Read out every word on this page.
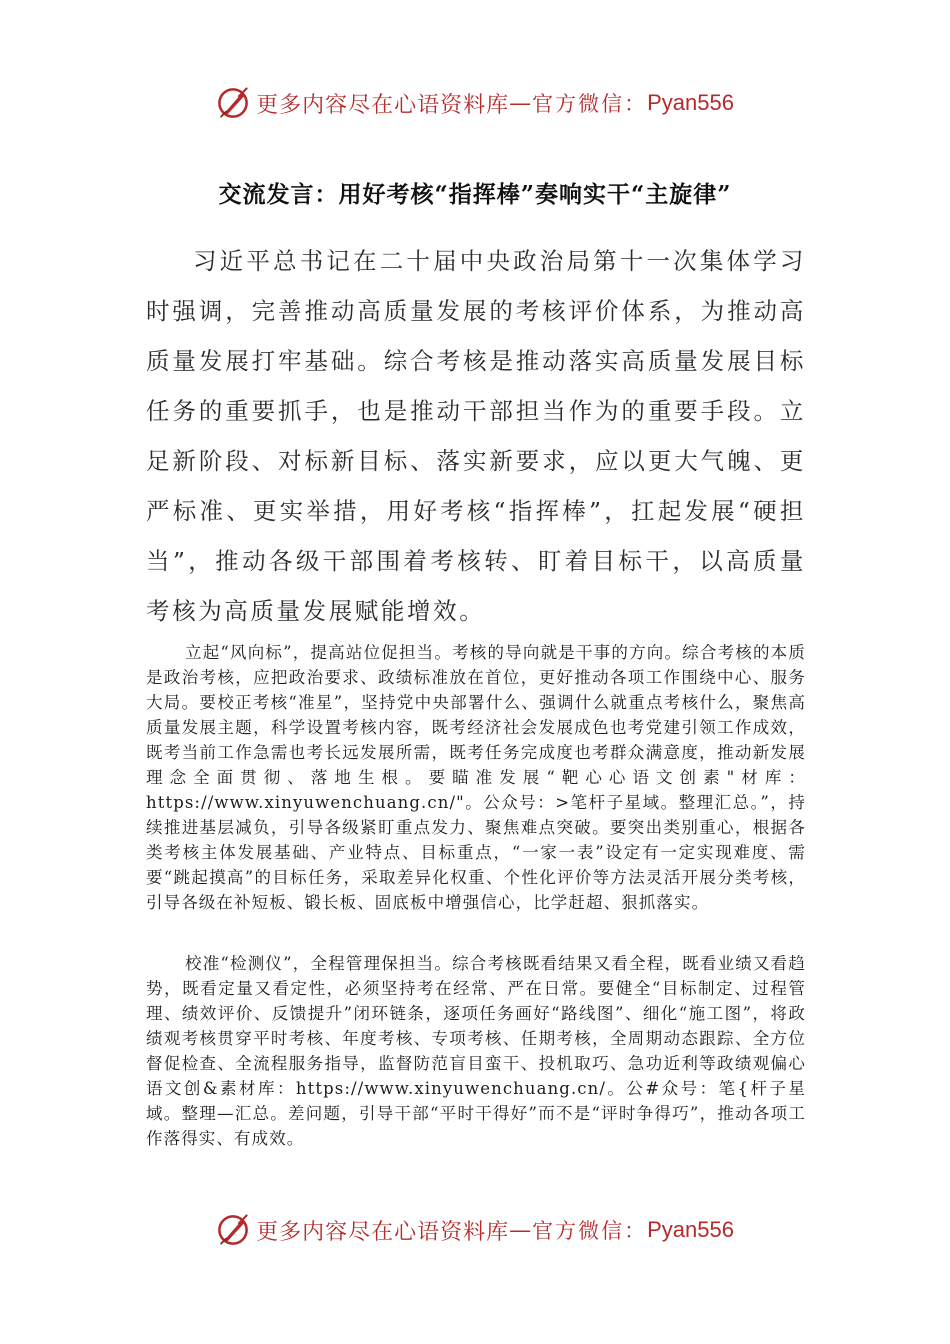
更多内容尽在心语资料库 — 官方微信： Pyan556
交流发言：用好考核“指挥棒”奏响实干“主旋律”

习近平总书记在二十届中央政治局第十一次集体学习时强调，完善推动高质量发展的考核评价体系，为推动高质量发展打牢基础。综合考核是推动落实高质量发展目标任务的重要抓手，也是推动干部担当作为的重要手段。立足新阶段、对标新目标、落实新要求，应以更大气魄、更严标准、更实举措，用好考核“指挥棒”，扛起发展“硬担当”，推动各级干部围着考核转、盯着目标干，以高质量考核为高质量发展赋能增效。

立起“风向标”，提高站位促担当。考核的导向就是干事的方向。综合考核的本质是政治考核，应把政治要求、政绩标准放在首位，更好推动各项工作围绕中心、服务大局。要校正考核“准星”，坚持党中央部署什么、强调什么就重点考核什么，聚焦高质量发展主题，科学设置考核内容，既考经济社会发展成色也考党建引领工作成效，既考当前工作急需也考长远发展所需，既考任务完成度也考群众满意度，推动新发展理念全面贯彻、落地生根。要瞄准发展“靶心心语文创素"材库：https://www.xinyuwenchuang.cn/"。公众号：>笔杆子星域。整理汇总。”，持续推进基层减负，引导各级紧盯重点发力、聚焦难点突破。要突出类别重心，根据各类考核主体发展基础、产业特点、目标重点，“一家一表”设定有一定实现难度、需要“跳起摸高”的目标任务，采取差异化权重、个性化评价等方法灵活开展分类考核，引导各级在补短板、锻长板、固底板中增强信心，比学赶超、狠抓落实。

校准“检测仪”，全程管理保担当。综合考核既看结果又看全程，既看业绩又看趋势，既看定量又看定性，必须坚持考在经常、严在日常。要健全“目标制定、过程管理、绩效评价、反馈提升”闭环链条，逐项任务画好“路线图”、细化“施工图”，将政绩观考核贯穿平时考核、年度考核、专项考核、任期考核，全周期动态跟踪、全方位督促检查、全流程服务指导，监督防范盲目蛮干、投机取巧、急功近利等政绩观偏心语文创&素材库：https://www.xinyuwenchuang.cn/。公#众号：笔{杆子星域。整理—汇总。差问题，引导干部“平时干得好”而不是“评时争得巧”，推动各项工作落得实、有成效。

更多内容尽在心语资料库 — 官方微信： Pyan556
